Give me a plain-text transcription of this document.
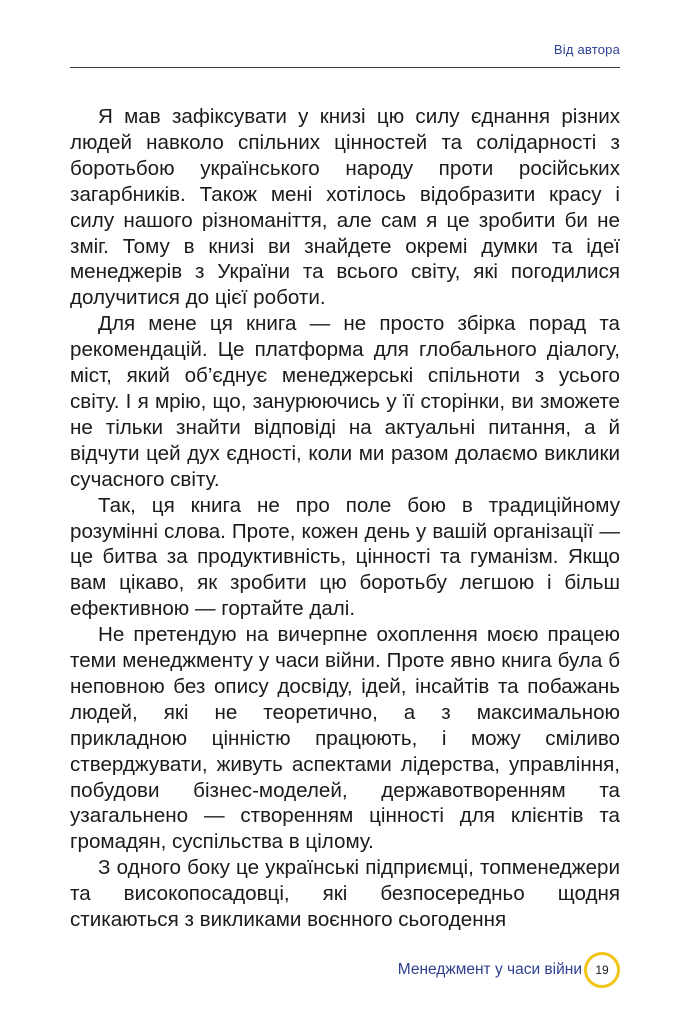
Від автора

Я мав зафіксувати у книзі цю силу єднання різних людей навколо спільних цінностей та солідарності з боротьбою українського народу проти російських загарбників. Також мені хотілось відобразити красу і силу нашого різноманіття, але сам я це зробити би не зміг. Тому в книзі ви знайдете окремі думки та ідеї менеджерів з України та всього світу, які погодилися долучитися до цієї роботи.

Для мене ця книга — не просто збірка порад та рекомендацій. Це платформа для глобального діалогу, міст, який об’єднує менеджерські спільноти з усього світу. І я мрію, що, занурюючись у її сторінки, ви зможете не тільки знайти відповіді на актуальні питання, а й відчути цей дух єдності, коли ми разом долаємо виклики сучасного світу.

Так, ця книга не про поле бою в традиційному розумінні слова. Проте, кожен день у вашій організації — це битва за продуктивність, цінності та гуманізм. Якщо вам цікаво, як зробити цю боротьбу легшою і більш ефективною — гортайте далі.

Не претендую на вичерпне охоплення моєю працею теми менеджменту у часи війни. Проте явно книга була б неповною без опису досвіду, ідей, інсайтів та побажань людей, які не теоретично, а з максимальною прикладною цінністю працюють, і можу сміливо стверджувати, живуть аспектами лідерства, управління, побудови бізнес-моделей, державотворенням та узагальнено — створенням цінності для клієнтів та громадян, суспільства в цілому.

З одного боку це українські підприємці, топменеджери та високопосадовці, які безпосередньо щодня стикаються з викликами воєнного сьогодення

Менеджмент у часи війни 19
